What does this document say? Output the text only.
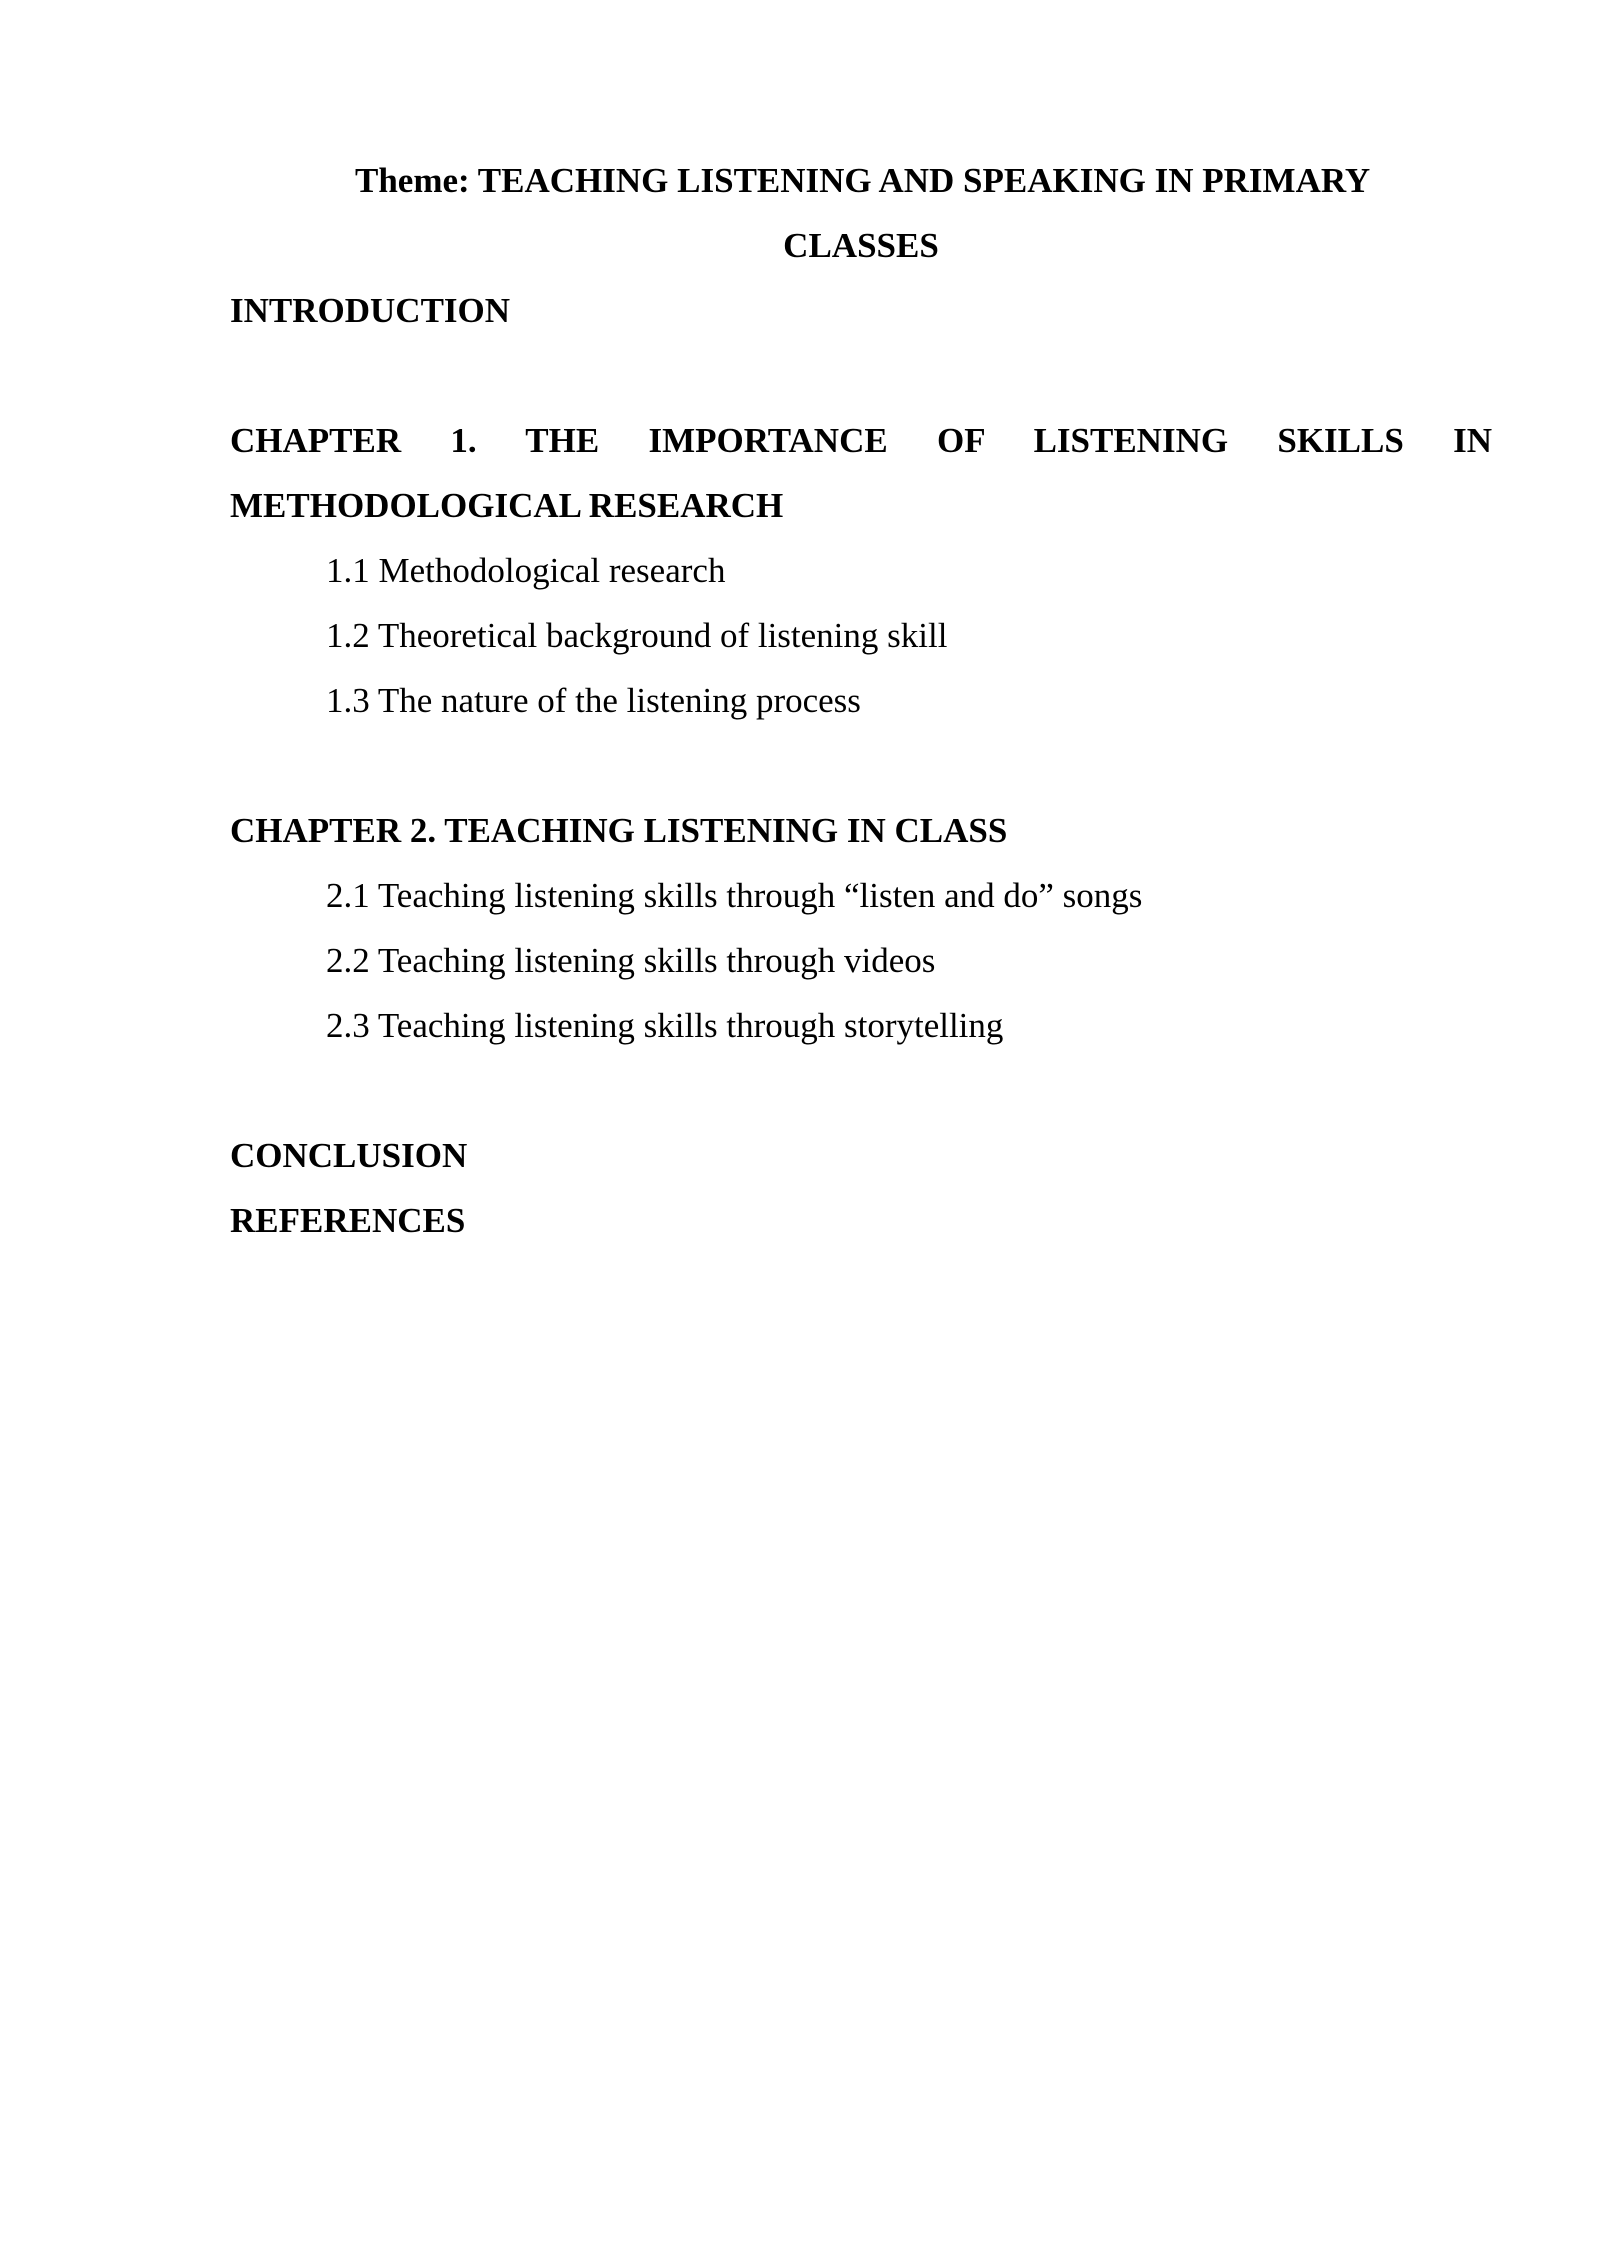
Theme: TEACHING LISTENING AND SPEAKING IN PRIMARY
CLASSES
INTRODUCTION
CHAPTER 1. THE IMPORTANCE OF LISTENING SKILLS IN
METHODOLOGICAL RESEARCH
1.1 Methodological research
1.2 Theoretical background of listening skill
1.3 The nature of the listening process
CHAPTER 2. TEACHING LISTENING IN CLASS
2.1 Teaching listening skills through “listen and do” songs
2.2 Teaching listening skills through videos
2.3 Teaching listening skills through storytelling
CONCLUSION
REFERENCES
